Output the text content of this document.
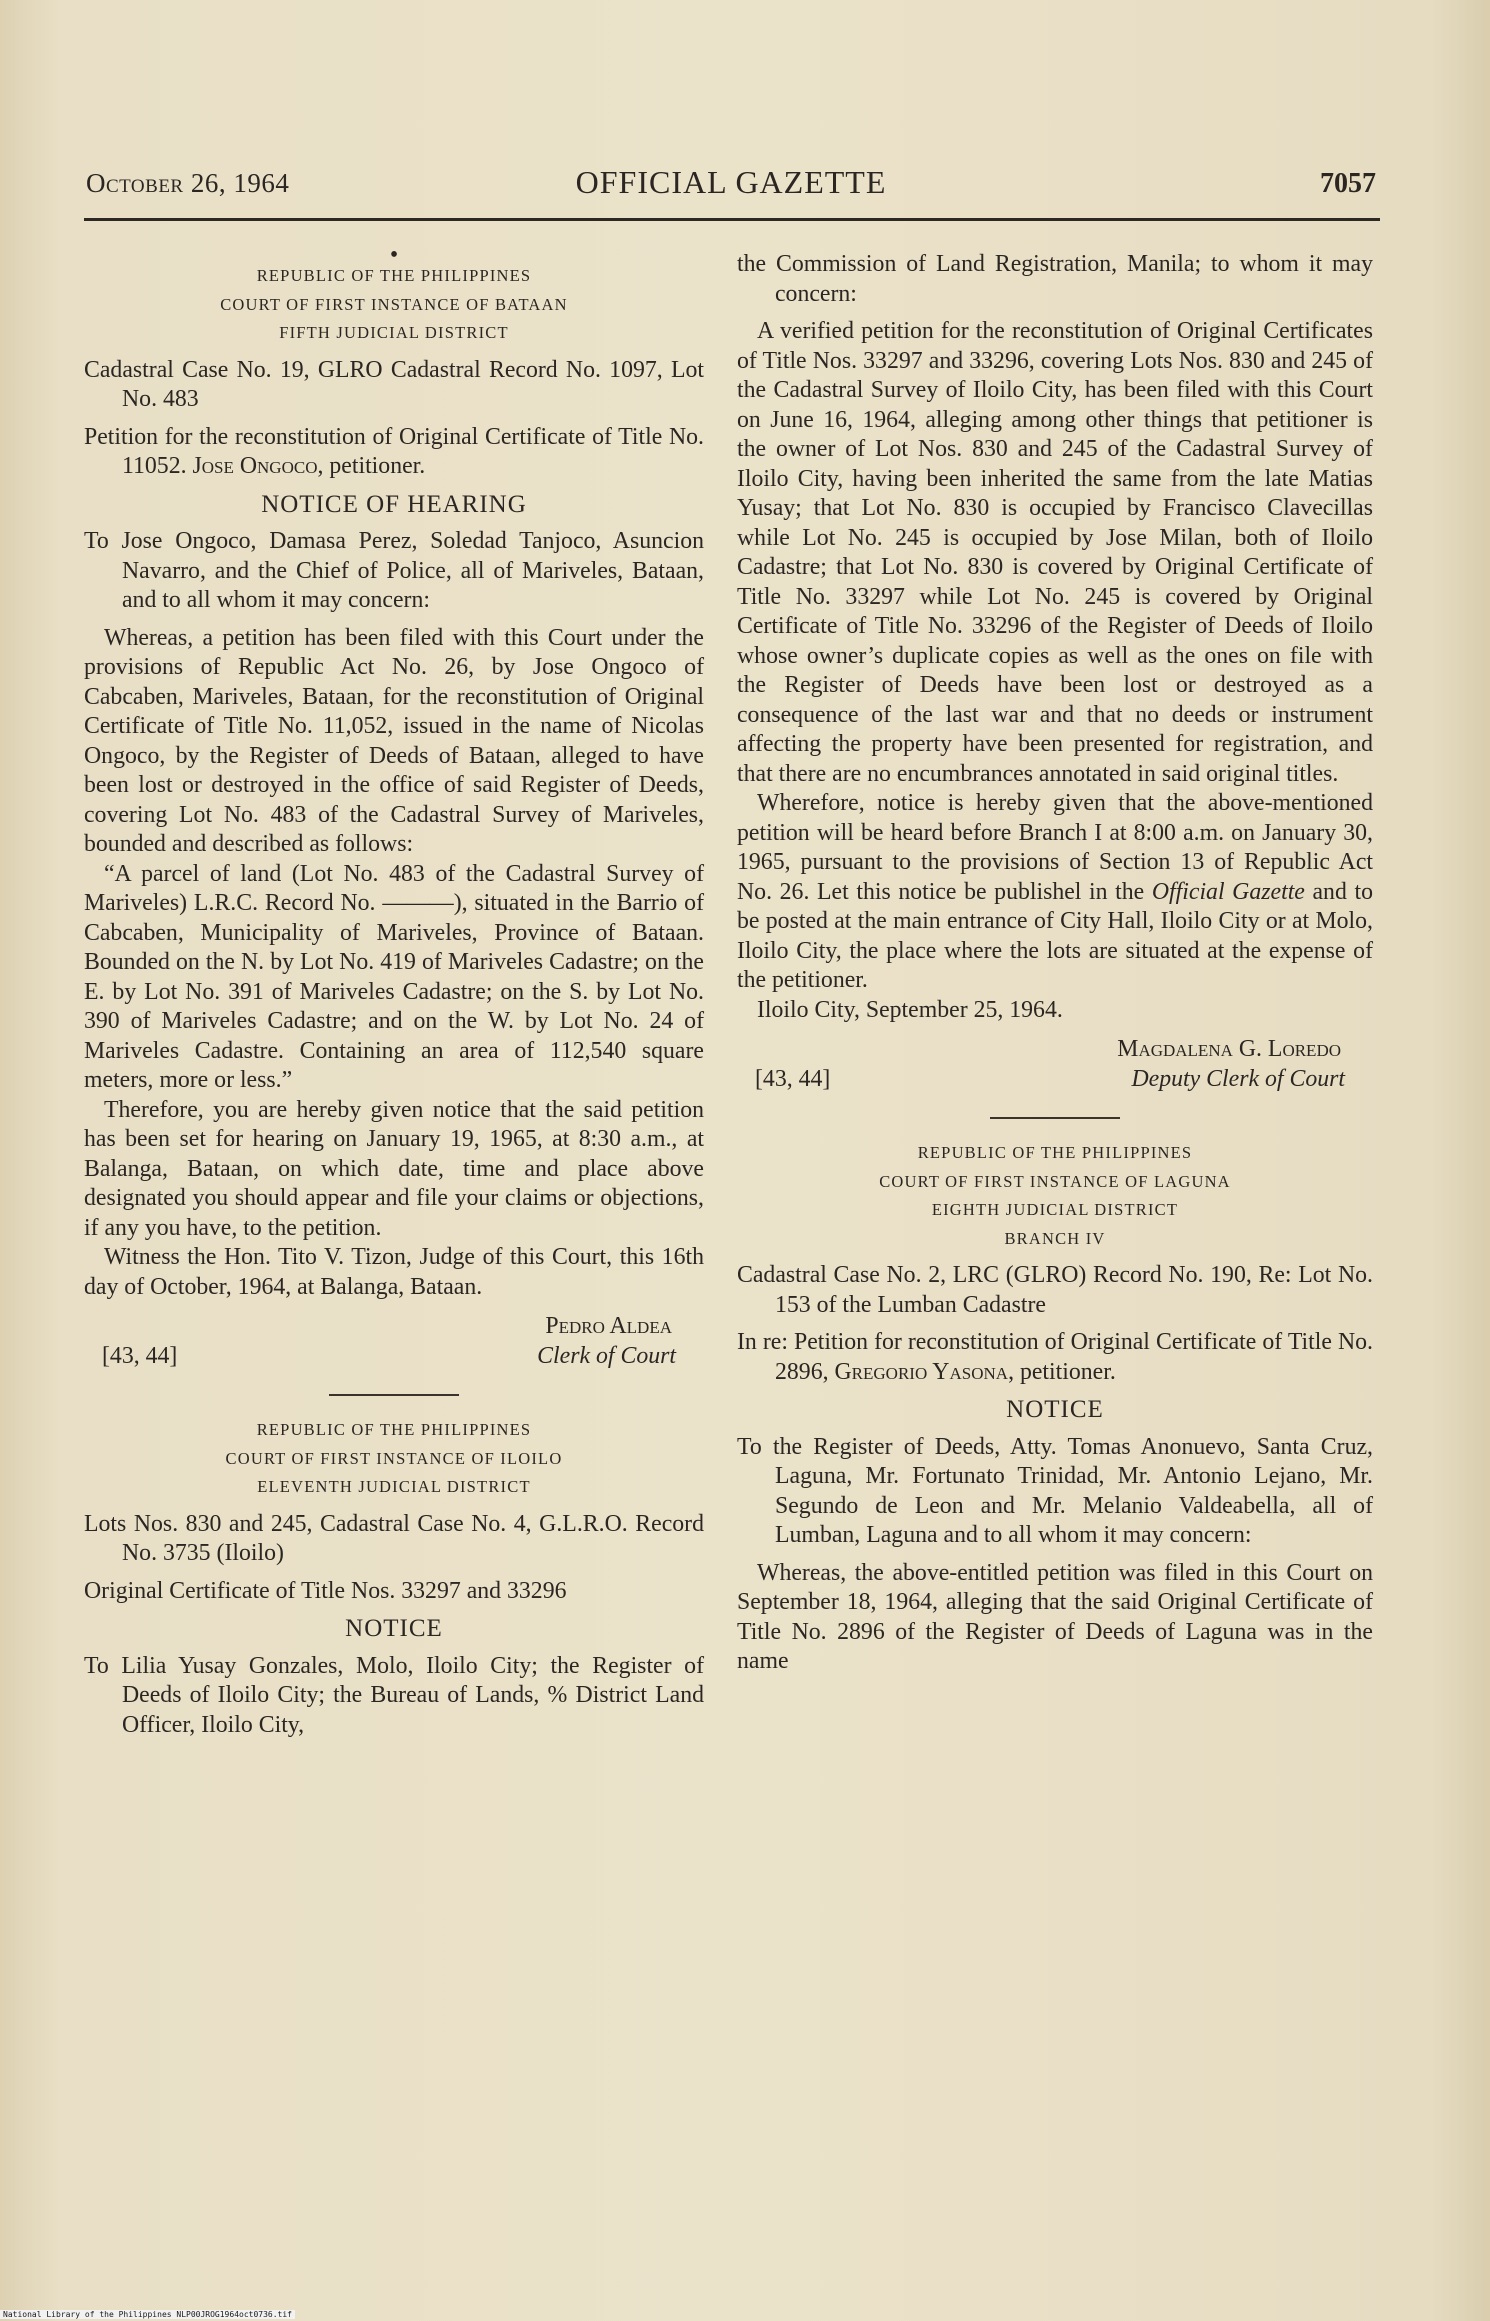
October 26, 1964	OFFICIAL GAZETTE	7057
•
REPUBLIC OF THE PHILIPPINES
COURT OF FIRST INSTANCE OF BATAAN
FIFTH JUDICIAL DISTRICT

Cadastral Case No. 19, GLRO Cadastral Record No. 1097, Lot No. 483

Petition for the reconstitution of Original Certificate of Title No. 11052. Jose Ongoco, petitioner.

NOTICE OF HEARING

To Jose Ongoco, Damasa Perez, Soledad Tanjoco, Asuncion Navarro, and the Chief of Police, all of Mariveles, Bataan, and to all whom it may concern:

Whereas, a petition has been filed with this Court under the provisions of Republic Act No. 26, by Jose Ongoco of Cabcaben, Mariveles, Bataan, for the reconstitution of Original Certificate of Title No. 11,052, issued in the name of Nicolas Ongoco, by the Register of Deeds of Bataan, alleged to have been lost or destroyed in the office of said Register of Deeds, covering Lot No. 483 of the Cadastral Survey of Mariveles, bounded and described as follows:

“A parcel of land (Lot No. 483 of the Cadastral Survey of Mariveles) L.R.C. Record No. ———), situated in the Barrio of Cabcaben, Municipality of Mariveles, Province of Bataan. Bounded on the N. by Lot No. 419 of Mariveles Cadastre; on the E. by Lot No. 391 of Mariveles Cadastre; on the S. by Lot No. 390 of Mariveles Cadastre; and on the W. by Lot No. 24 of Mariveles Cadastre. Containing an area of 112,540 square meters, more or less.”

Therefore, you are hereby given notice that the said petition has been set for hearing on January 19, 1965, at 8:30 a.m., at Balanga, Bataan, on which date, time and place above designated you should appear and file your claims or objections, if any you have, to the petition.

Witness the Hon. Tito V. Tizon, Judge of this Court, this 16th day of October, 1964, at Balanga, Bataan.

Pedro Aldea
[43, 44]	Clerk of Court
REPUBLIC OF THE PHILIPPINES
COURT OF FIRST INSTANCE OF ILOILO
ELEVENTH JUDICIAL DISTRICT

Lots Nos. 830 and 245, Cadastral Case No. 4, G.L.R.O. Record No. 3735 (Iloilo)

Original Certificate of Title Nos. 33297 and 33296

NOTICE

To Lilia Yusay Gonzales, Molo, Iloilo City; the Register of Deeds of Iloilo City; the Bureau of Lands, % District Land Officer, Iloilo City,

the Commission of Land Registration, Manila; to whom it may concern:

A verified petition for the reconstitution of Original Certificates of Title Nos. 33297 and 33296, covering Lots Nos. 830 and 245 of the Cadastral Survey of Iloilo City, has been filed with this Court on June 16, 1964, alleging among other things that petitioner is the owner of Lot Nos. 830 and 245 of the Cadastral Survey of Iloilo City, having been inherited the same from the late Matias Yusay; that Lot No. 830 is occupied by Francisco Clavecillas while Lot No. 245 is occupied by Jose Milan, both of Iloilo Cadastre; that Lot No. 830 is covered by Original Certificate of Title No. 33297 while Lot No. 245 is covered by Original Certificate of Title No. 33296 of the Register of Deeds of Iloilo whose owner’s duplicate copies as well as the ones on file with the Register of Deeds have been lost or destroyed as a consequence of the last war and that no deeds or instrument affecting the property have been presented for registration, and that there are no encumbrances annotated in said original titles.

Wherefore, notice is hereby given that the above-mentioned petition will be heard before Branch I at 8:00 a.m. on January 30, 1965, pursuant to the provisions of Section 13 of Republic Act No. 26. Let this notice be publishel in the Official Gazette and to be posted at the main entrance of City Hall, Iloilo City or at Molo, Iloilo City, the place where the lots are situated at the expense of the petitioner.

Iloilo City, September 25, 1964.

Magdalena G. Loredo
[43, 44]	Deputy Clerk of Court
REPUBLIC OF THE PHILIPPINES
COURT OF FIRST INSTANCE OF LAGUNA
EIGHTH JUDICIAL DISTRICT
BRANCH IV

Cadastral Case No. 2, LRC (GLRO) Record No. 190, Re: Lot No. 153 of the Lumban Cadastre

In re: Petition for reconstitution of Original Certificate of Title No. 2896, Gregorio Yasona, petitioner.

NOTICE

To the Register of Deeds, Atty. Tomas Anonuevo, Santa Cruz, Laguna, Mr. Fortunato Trinidad, Mr. Antonio Lejano, Mr. Segundo de Leon and Mr. Melanio Valdeabella, all of Lumban, Laguna and to all whom it may concern:

Whereas, the above-entitled petition was filed in this Court on September 18, 1964, alleging that the said Original Certificate of Title No. 2896 of the Register of Deeds of Laguna was in the name

National Library of the Philippines NLP00JROG1964oct0736.tif
